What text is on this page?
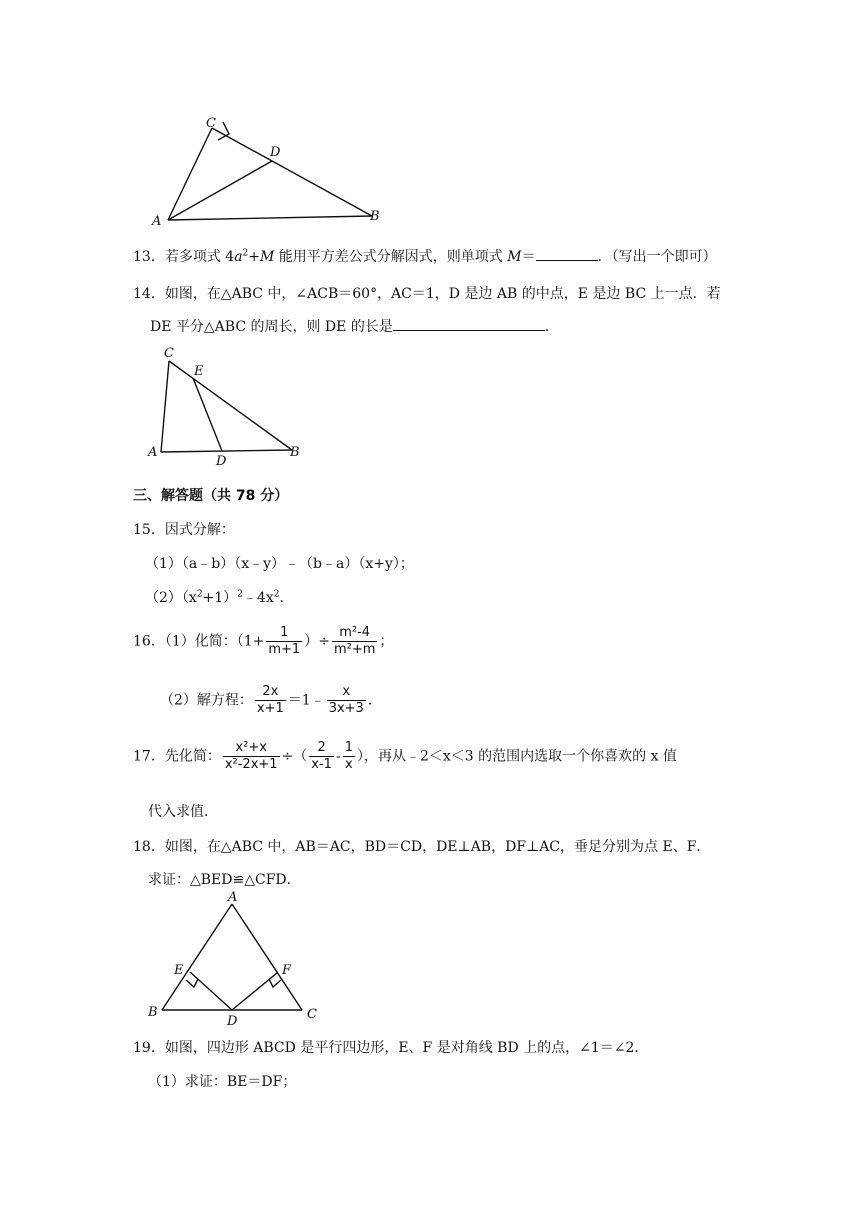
C
D
A	B
13．若多项式 $4a^2+M$ 能用平方差公式分解因式，则单项式 M＝	．（写出一个即可）
14．如图，在△ABC 中，∠ACB＝60°，AC＝1，D 是边 AB 的中点，E 是边 BC 上一点．若
DE 平分△ABC 的周长，则 DE 的长是	．
C
E
A
D
B
三、解答题（共 78 分）
15．因式分解：
（1）（a﹣b）（x﹣y）﹣（b﹣a）（x+y）；
$(2)(x^2+1)^2﹣4x^2$．
16．（1）化简：（$1+ \frac{1}{m+1}$ ）÷ $\frac{\text{m²-4}}{\text{m²+m}}$ ；
（2）解方程： $\frac{2x}{x+1}$ ＝1﹣ $\frac{x}{3x+3}$ ．
17．先化简： $\frac{\text{x²+x}}{\text{x²-2x+1}}$ ÷（ $\frac{2}{x-1} - \frac{1}{x}$ ），再从﹣2＜x＜3 的范围内选取一个你喜欢的 x 值
代入求值．
18．如图，在△ABC 中，AB＝AC，BD＝CD，DE⊥AB，DF⊥AC，垂足分别为点 E、F．
求证：△BED≌△CFD．
A
E	F
B
D	C
19．如图，四边形 ABCD 是平行四边形，E、F 是对角线 BD 上的点，∠1＝∠2．
（1）求证：BE＝DF；
